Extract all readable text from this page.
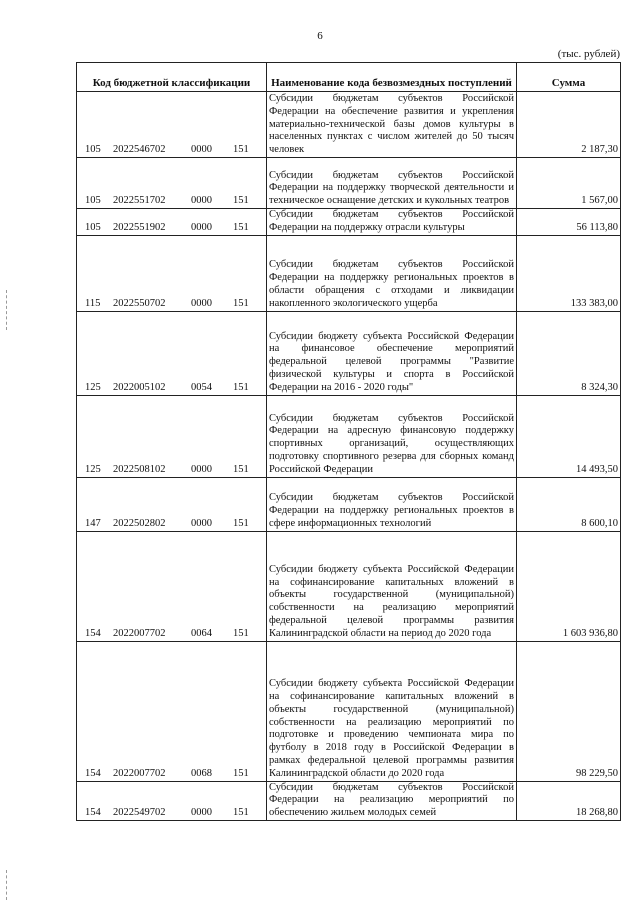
6
(тыс. рублей)
Код бюджетной классификации	Наименование кода безвозмездных поступлений	Сумма
105 2022546702 0000 151	Субсидии бюджетам субъектов Российской Федерации на обеспечение развития и укрепления материально-технической базы домов культуры в населенных пунктах с числом жителей до 50 тысяч человек	2 187,30
105 2022551702 0000 151	Субсидии бюджетам субъектов Российской Федерации на поддержку творческой деятельности и техническое оснащение детских и кукольных театров	1 567,00
105 2022551902 0000 151	Субсидии бюджетам субъектов Российской Федерации на поддержку отрасли культуры	56 113,80
115 2022550702 0000 151	Субсидии бюджетам субъектов Российской Федерации на поддержку региональных проектов в области обращения с отходами и ликвидации накопленного экологического ущерба	133 383,00
125 2022005102 0054 151	Субсидии бюджету субъекта Российской Федерации на финансовое обеспечение мероприятий федеральной целевой программы "Развитие физической культуры и спорта в Российской Федерации на 2016 - 2020 годы"	8 324,30
125 2022508102 0000 151	Субсидии бюджетам субъектов Российской Федерации на адресную финансовую поддержку спортивных организаций, осуществляющих подготовку спортивного резерва для сборных команд Российской Федерации	14 493,50
147 2022502802 0000 151	Субсидии бюджетам субъектов Российской Федерации на поддержку региональных проектов в сфере информационных технологий	8 600,10
154 2022007702 0064 151	Субсидии бюджету субъекта Российской Федерации на софинансирование капитальных вложений в объекты государственной (муниципальной) собственности на реализацию мероприятий федеральной целевой программы развития Калининградской области на период до 2020 года	1 603 936,80
154 2022007702 0068 151	Субсидии бюджету субъекта Российской Федерации на софинансирование капитальных вложений в объекты государственной (муниципальной) собственности на реализацию мероприятий по подготовке и проведению чемпионата мира по футболу в 2018 году в Российской Федерации в рамках федеральной целевой программы развития Калининградской области до 2020 года	98 229,50
154 2022549702 0000 151	Субсидии бюджетам субъектов Российской Федерации на реализацию мероприятий по обеспечению жильем молодых семей	18 268,80
